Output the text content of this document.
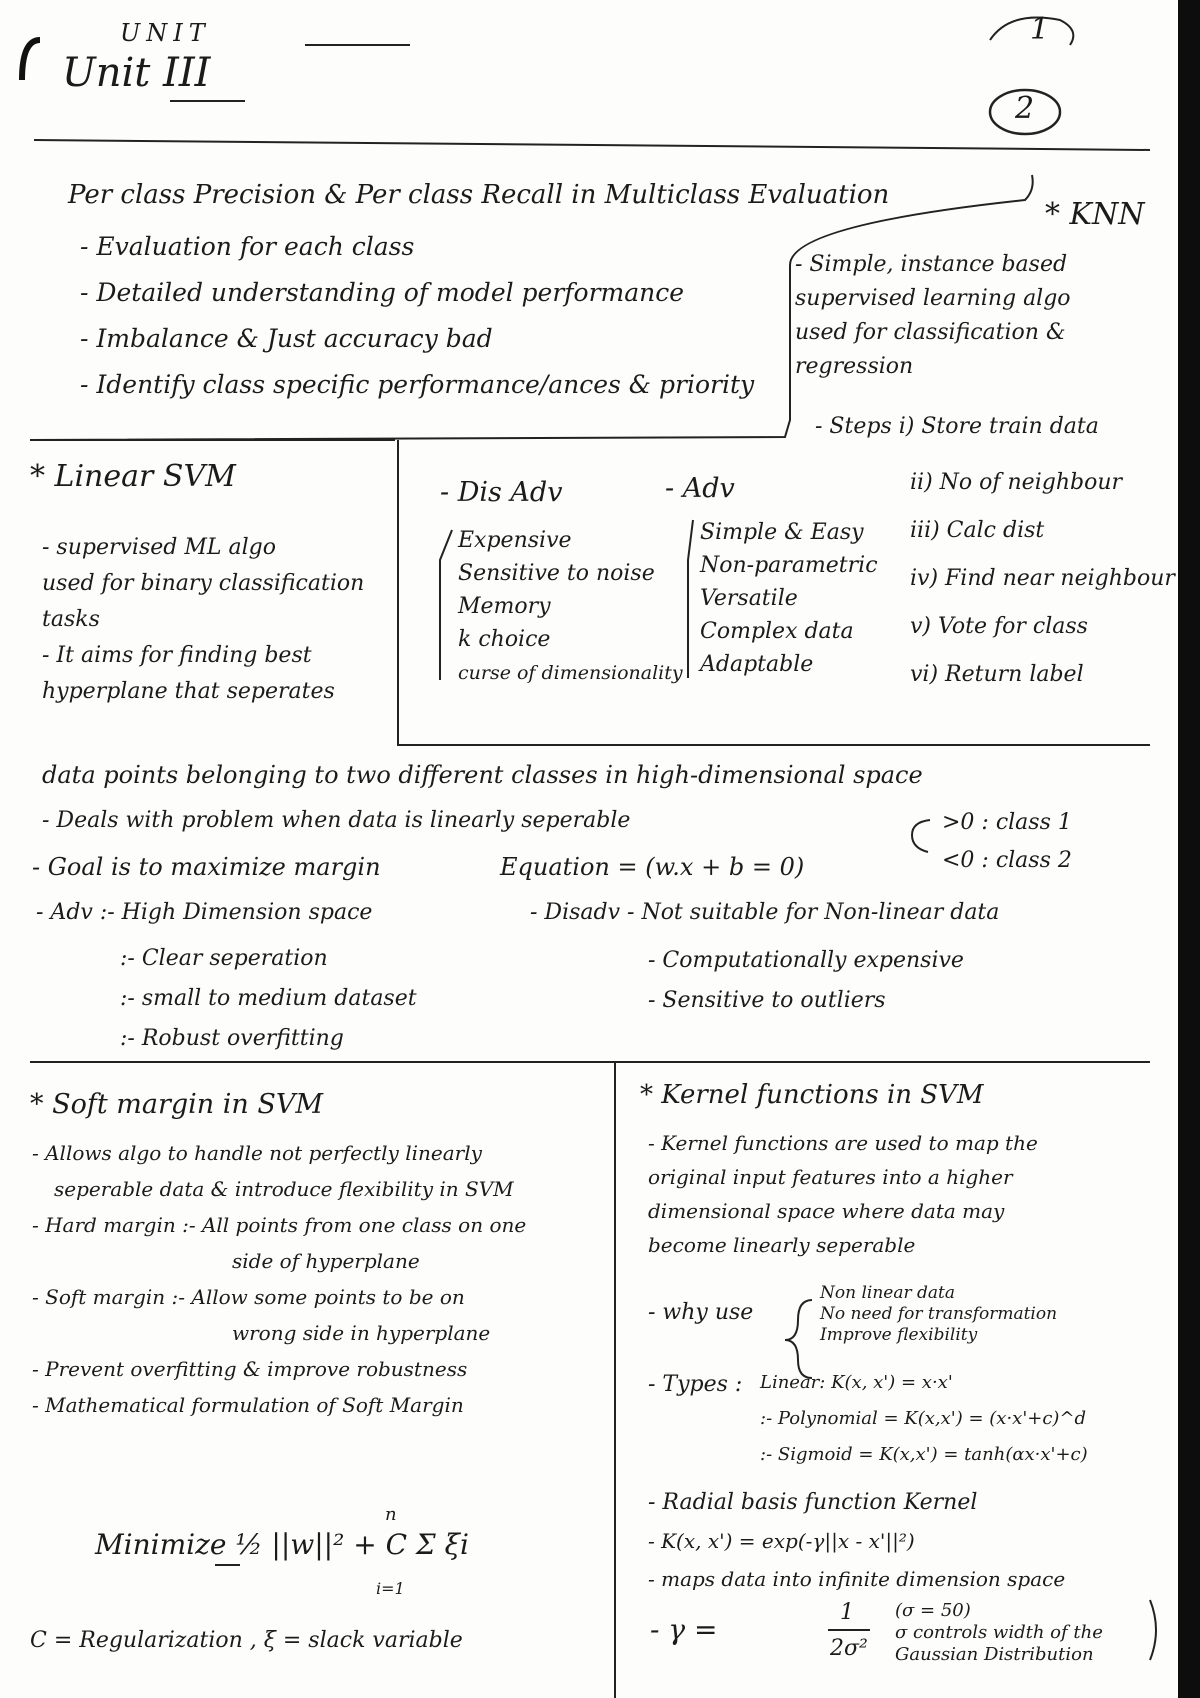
UNIT
Unit III
1
2
Per class Precision & Per class Recall in Multiclass Evaluation
- Evaluation for each class
- Detailed understanding of model performance
- Imbalance & Just accuracy bad
- Identify class specific performance/ances & priority
* KNN
- Simple, instance based
supervised learning algo
used for classification &
regression
- Steps i) Store train data
ii) No of neighbour
iii) Calc dist
iv) Find near neighbour
v) Vote for class
vi) Return label
- Dis Adv
Expensive
Sensitive to noise
Memory
k choice
curse of dimensionality
- Adv
Simple & Easy
Non-parametric
Versatile
Complex data
Adaptable
* Linear SVM
- supervised ML algo
used for binary classification
tasks
- It aims for finding best
hyperplane that seperates
data points belonging to two different classes in high-dimensional space
- Deals with problem when data is linearly seperable
- Goal is to maximize margin	Equation = (w.x + b = 0)
>0 : class 1
<0 : class 2
- Adv :- High Dimension space
:- Clear seperation
:- small to medium dataset
:- Robust overfitting
- Disadv - Not suitable for Non-linear data
- Computationally expensive
- Sensitive to outliers
* Soft margin in SVM
- Allows algo to handle not perfectly linearly
seperable data & introduce flexibility in SVM
- Hard margin :- All points from one class on one
side of hyperplane
- Soft margin :- Allow some points to be on
wrong side in hyperplane
- Prevent overfitting & improve robustness
- Mathematical formulation of Soft Margin
Minimize ½ ||w||² + C Σ ξi
n
i=1
C = Regularization , ξ = slack variable
* Kernel functions in SVM
- Kernel functions are used to map the
original input features into a higher
dimensional space where data may
become linearly seperable
- why use
Non linear data
No need for transformation
Improve flexibility
- Types : Linear: K(x, x') = x·x'
:- Polynomial = K(x,x') = (x·x'+c)^d
:- Sigmoid = K(x,x') = tanh(αx·x'+c)
- Radial basis function Kernel
- K(x, x') = exp(-γ||x - x'||²)
- maps data into infinite dimension space
- γ =
1
2σ²
(σ = 50)
σ controls width of the
Gaussian Distribution
